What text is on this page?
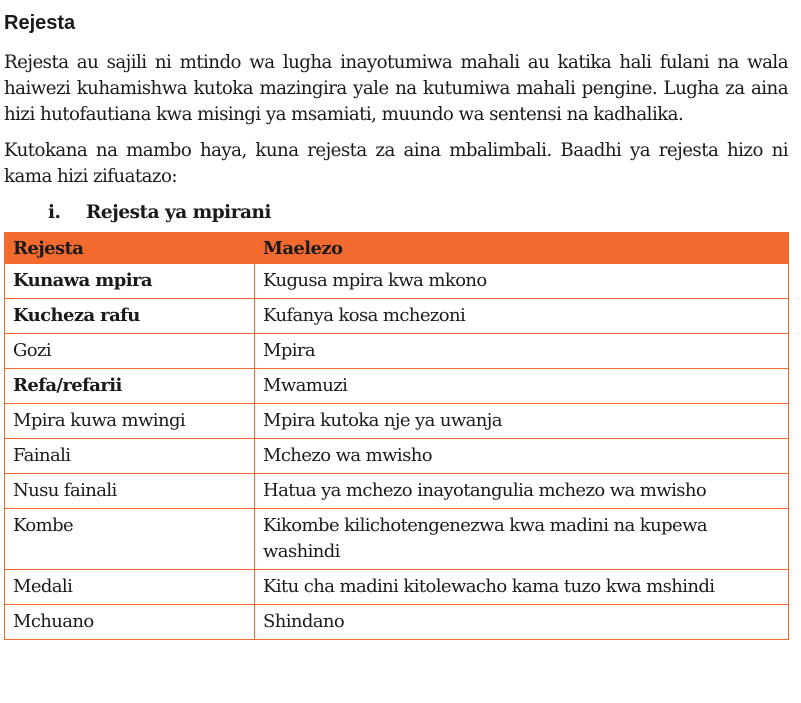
Rejesta

Rejesta au sajili ni mtindo wa lugha inayotumiwa mahali au katika hali fulani na wala haiwezi kuhamishwa kutoka mazingira yale na kutumiwa mahali pengine. Lugha za aina hizi hutofautiana kwa misingi ya msamiati, muundo wa sentensi na kadhalika.

Kutokana na mambo haya, kuna rejesta za aina mbalimbali. Baadhi ya rejesta hizo ni kama hizi zifuatazo:

i. Rejesta ya mpirani
Rejesta	Maelezo
Kunawa mpira	Kugusa mpira kwa mkono
Kucheza rafu	Kufanya kosa mchezoni
Gozi	Mpira
Refa/refarii	Mwamuzi
Mpira kuwa mwingi	Mpira kutoka nje ya uwanja
Fainali	Mchezo wa mwisho
Nusu fainali	Hatua ya mchezo inayotangulia mchezo wa mwisho
Kombe	Kikombe kilichotengenezwa kwa madini na kupewa washindi
Medali	Kitu cha madini kitolewacho kama tuzo kwa mshindi
Mchuano	Shindano
